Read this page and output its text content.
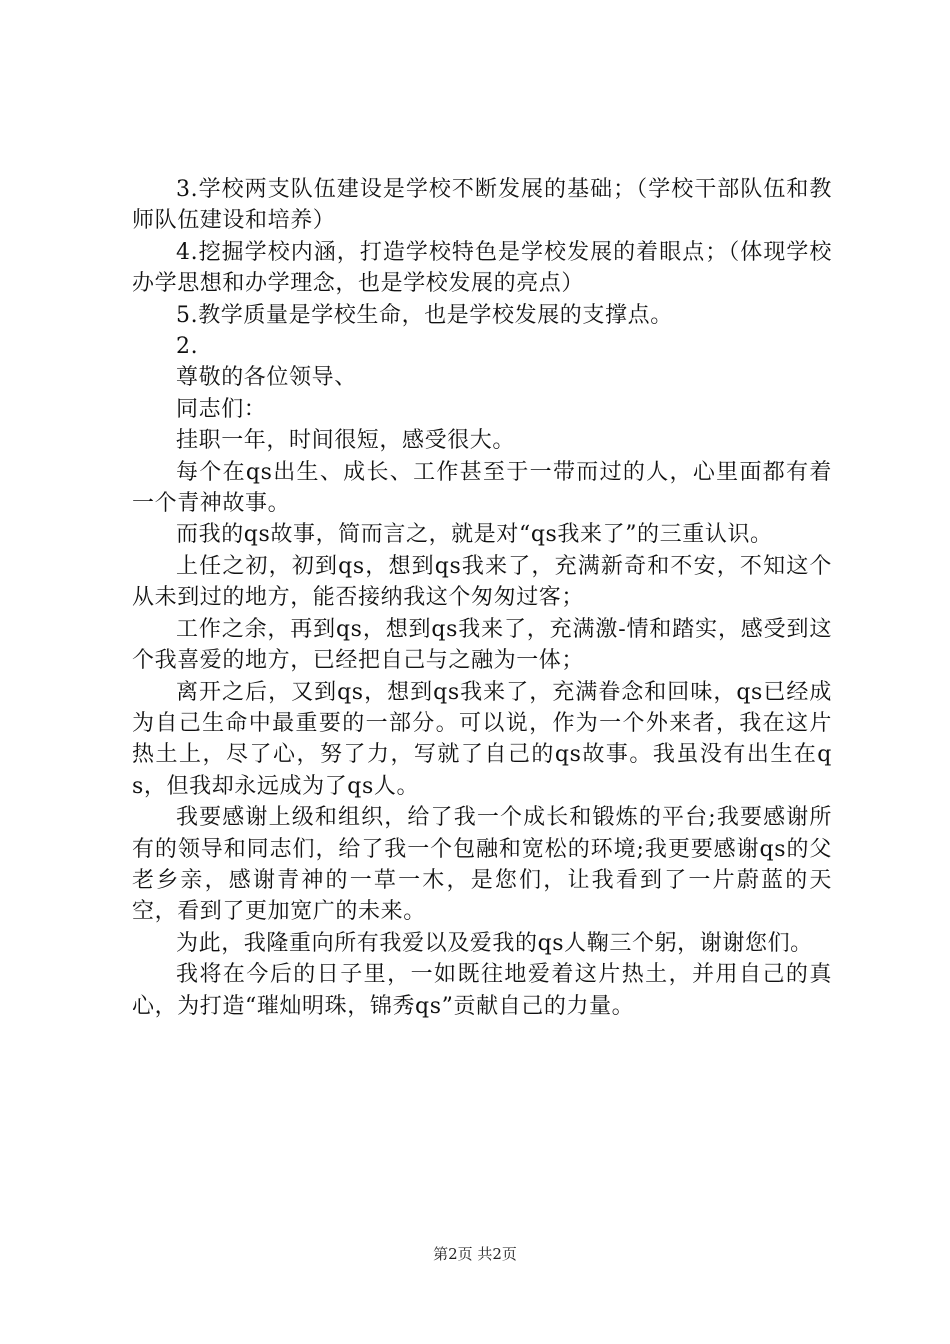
3.学校两支队伍建设是学校不断发展的基础；（学校干部队伍和教师队伍建设和培养）

4.挖掘学校内涵，打造学校特色是学校发展的着眼点；（体现学校办学思想和办学理念，也是学校发展的亮点）

5.教学质量是学校生命，也是学校发展的支撑点。

2.

尊敬的各位领导、

同志们：

挂职一年，时间很短，感受很大。

每个在qs出生、成长、工作甚至于一带而过的人，心里面都有着一个青神故事。

而我的qs故事，简而言之，就是对“qs我来了”的三重认识。

上任之初，初到qs，想到qs我来了，充满新奇和不安，不知这个从未到过的地方，能否接纳我这个匆匆过客；

工作之余，再到qs，想到qs我来了，充满激-情和踏实，感受到这个我喜爱的地方，已经把自己与之融为一体；

离开之后，又到qs，想到qs我来了，充满眷念和回味，qs已经成为自己生命中最重要的一部分。可以说，作为一个外来者，我在这片热土上，尽了心，努了力，写就了自己的qs故事。我虽没有出生在qs，但我却永远成为了qs人。

我要感谢上级和组织，给了我一个成长和锻炼的平台;我要感谢所有的领导和同志们，给了我一个包融和宽松的环境;我更要感谢qs的父老乡亲，感谢青神的一草一木，是您们，让我看到了一片蔚蓝的天空，看到了更加宽广的未来。

为此，我隆重向所有我爱以及爱我的qs人鞠三个躬，谢谢您们。

我将在今后的日子里，一如既往地爱着这片热土，并用自己的真心，为打造“璀灿明珠，锦秀qs”贡献自己的力量。

第2页 共2页
